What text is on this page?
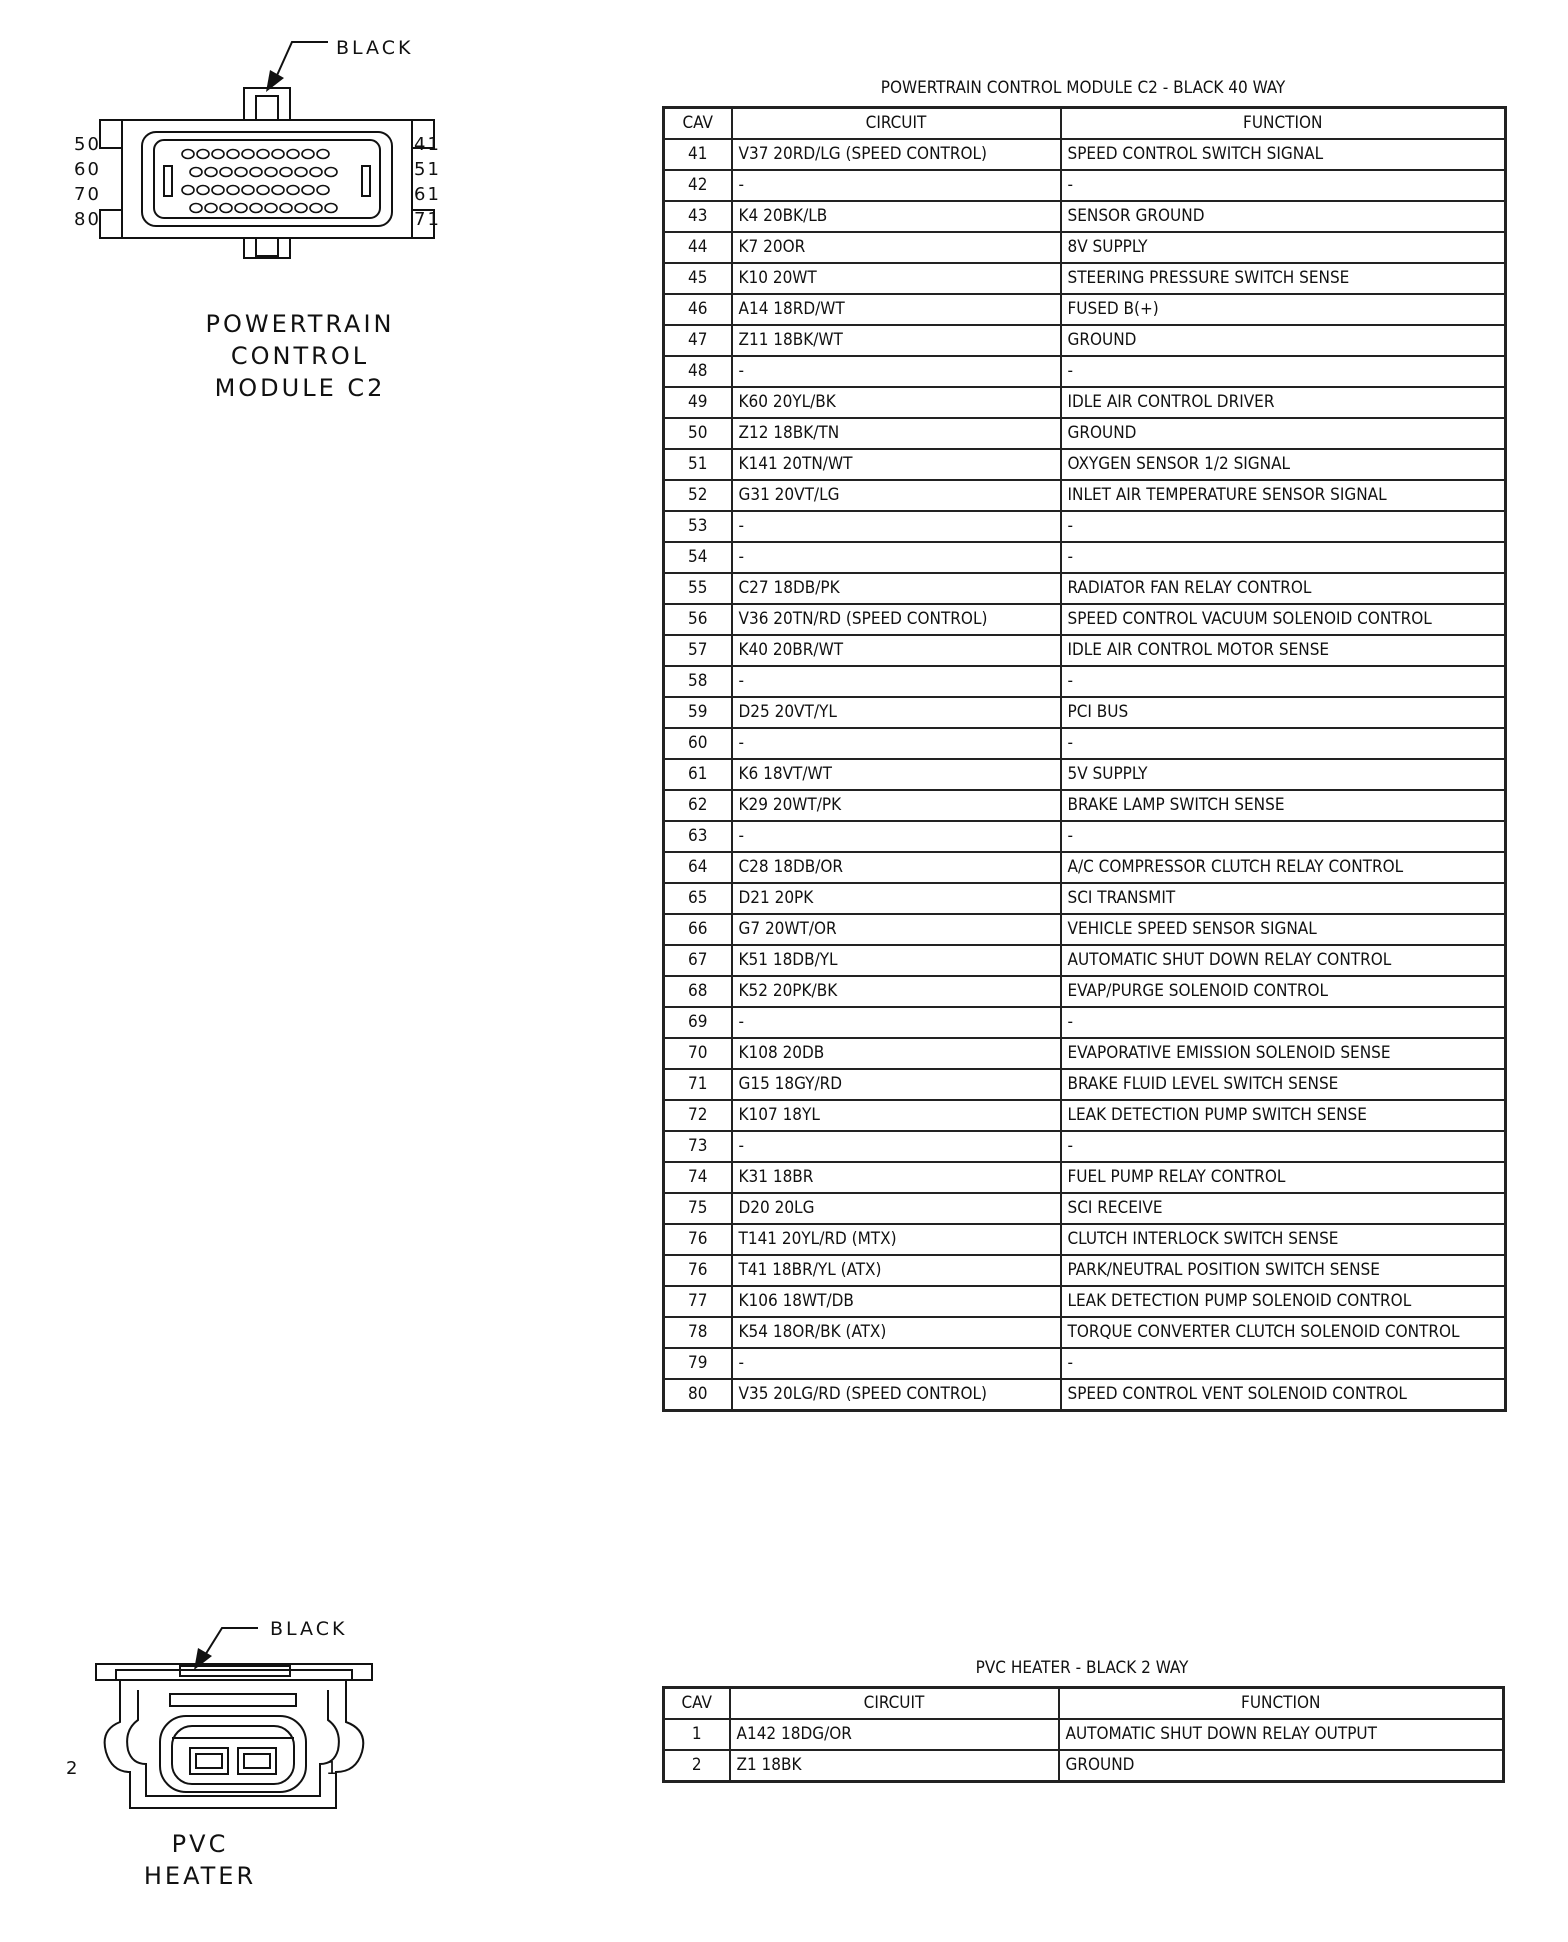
BLACK
50
60
70
80
41
51
61
71
POWERTRAIN
CONTROL
MODULE C2
POWERTRAIN CONTROL MODULE C2 - BLACK 40 WAY
CAV	CIRCUIT	FUNCTION
41	V37 20RD/LG (SPEED CONTROL)	SPEED CONTROL SWITCH SIGNAL
42	-	-
43	K4 20BK/LB	SENSOR GROUND
44	K7 20OR	8V SUPPLY
45	K10 20WT	STEERING PRESSURE SWITCH SENSE
46	A14 18RD/WT	FUSED B(+)
47	Z11 18BK/WT	GROUND
48	-	-
49	K60 20YL/BK	IDLE AIR CONTROL DRIVER
50	Z12 18BK/TN	GROUND
51	K141 20TN/WT	OXYGEN SENSOR 1/2 SIGNAL
52	G31 20VT/LG	INLET AIR TEMPERATURE SENSOR SIGNAL
53	-	-
54	-	-
55	C27 18DB/PK	RADIATOR FAN RELAY CONTROL
56	V36 20TN/RD (SPEED CONTROL)	SPEED CONTROL VACUUM SOLENOID CONTROL
57	K40 20BR/WT	IDLE AIR CONTROL MOTOR SENSE
58	-	-
59	D25 20VT/YL	PCI BUS
60	-	-
61	K6 18VT/WT	5V SUPPLY
62	K29 20WT/PK	BRAKE LAMP SWITCH SENSE
63	-	-
64	C28 18DB/OR	A/C COMPRESSOR CLUTCH RELAY CONTROL
65	D21 20PK	SCI TRANSMIT
66	G7 20WT/OR	VEHICLE SPEED SENSOR SIGNAL
67	K51 18DB/YL	AUTOMATIC SHUT DOWN RELAY CONTROL
68	K52 20PK/BK	EVAP/PURGE SOLENOID CONTROL
69	-	-
70	K108 20DB	EVAPORATIVE EMISSION SOLENOID SENSE
71	G15 18GY/RD	BRAKE FLUID LEVEL SWITCH SENSE
72	K107 18YL	LEAK DETECTION PUMP SWITCH SENSE
73	-	-
74	K31 18BR	FUEL PUMP RELAY CONTROL
75	D20 20LG	SCI RECEIVE
76	T141 20YL/RD (MTX)	CLUTCH INTERLOCK SWITCH SENSE
76	T41 18BR/YL (ATX)	PARK/NEUTRAL POSITION SWITCH SENSE
77	K106 18WT/DB	LEAK DETECTION PUMP SOLENOID CONTROL
78	K54 18OR/BK (ATX)	TORQUE CONVERTER CLUTCH SOLENOID CONTROL
79	-	-
80	V35 20LG/RD (SPEED CONTROL)	SPEED CONTROL VENT SOLENOID CONTROL
BLACK
2	1
PVC
HEATER
PVC HEATER - BLACK 2 WAY
CAV	CIRCUIT	FUNCTION
1	A142 18DG/OR	AUTOMATIC SHUT DOWN RELAY OUTPUT
2	Z1 18BK	GROUND
